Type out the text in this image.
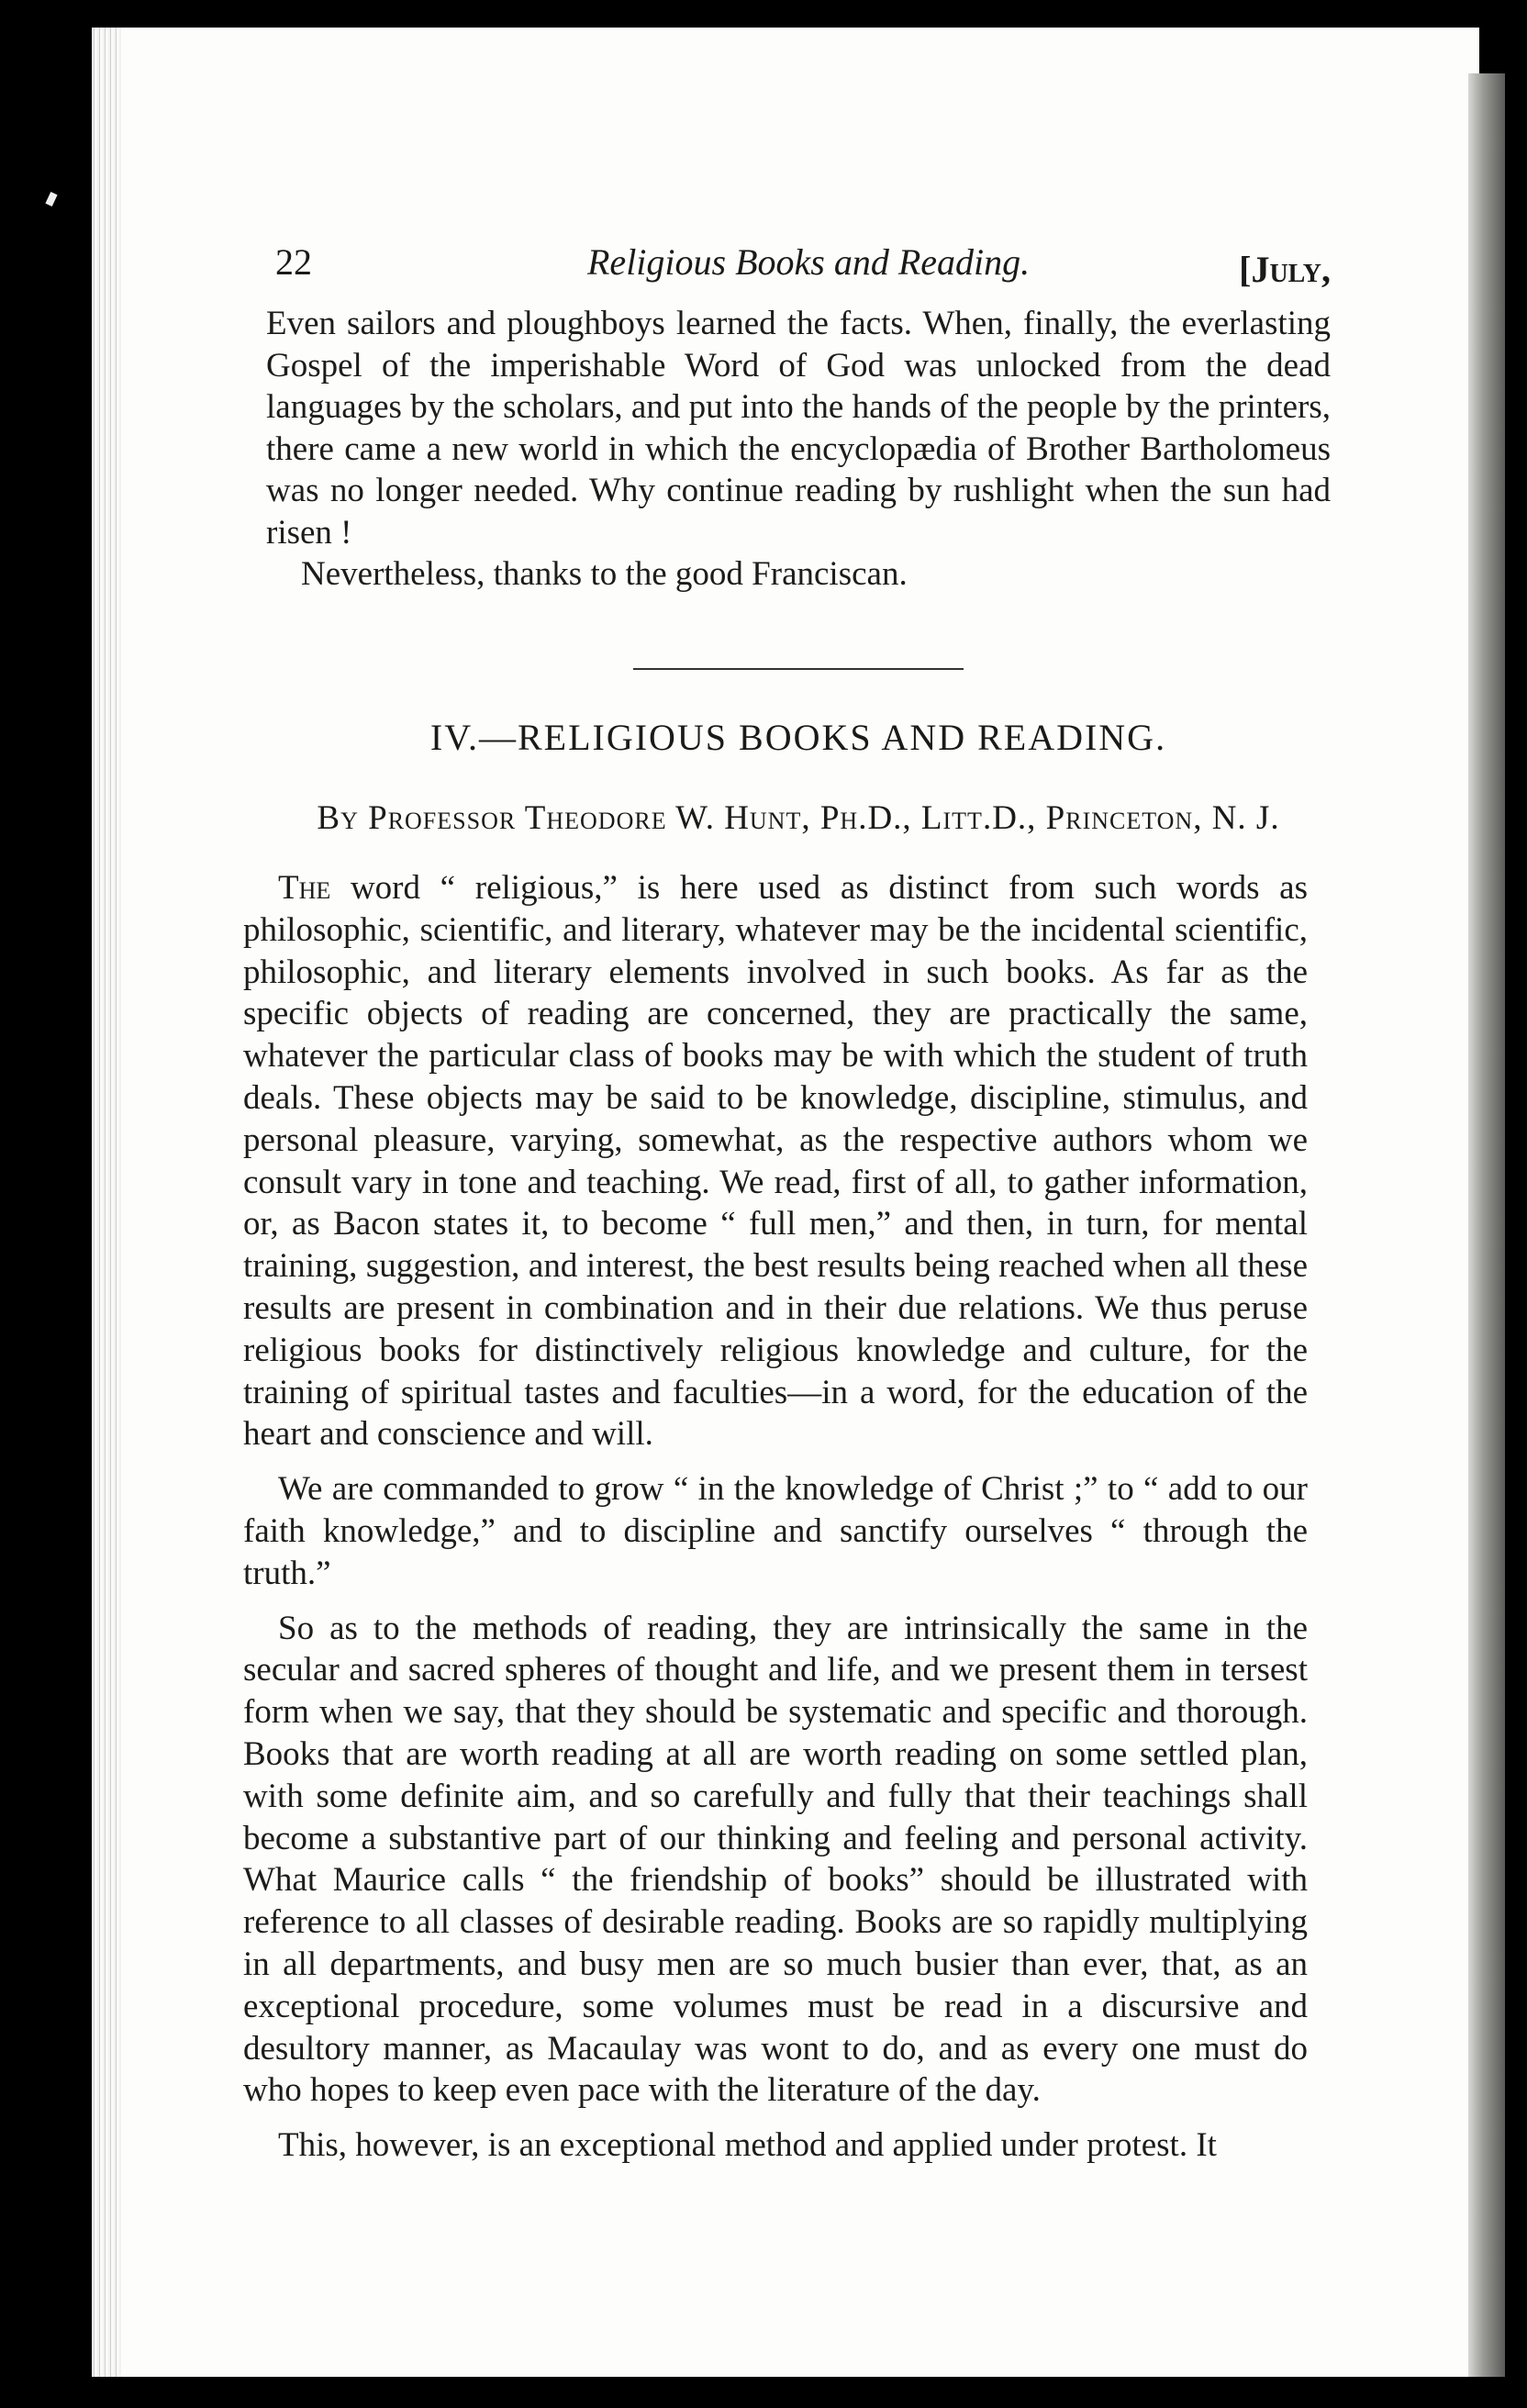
22	Religious Books and Reading.	[July,

Even sailors and ploughboys learned the facts. When, finally, the everlasting Gospel of the imperishable Word of God was unlocked from the dead languages by the scholars, and put into the hands of the people by the printers, there came a new world in which the encyclopædia of Brother Bartholomeus was no longer needed. Why continue reading by rushlight when the sun had risen !

Nevertheless, thanks to the good Franciscan.

IV.—RELIGIOUS BOOKS AND READING.
By Professor Theodore W. Hunt, Ph.D., Litt.D., Princeton, N. J.

The word “ religious,” is here used as distinct from such words as philosophic, scientific, and literary, whatever may be the incidental scientific, philosophic, and literary elements involved in such books. As far as the specific objects of reading are concerned, they are practically the same, whatever the particular class of books may be with which the student of truth deals. These objects may be said to be knowledge, discipline, stimulus, and personal pleasure, varying, somewhat, as the respective authors whom we consult vary in tone and teaching. We read, first of all, to gather information, or, as Bacon states it, to become “ full men,” and then, in turn, for mental training, suggestion, and interest, the best results being reached when all these results are present in combination and in their due relations. We thus peruse religious books for distinctively religious knowledge and culture, for the training of spiritual tastes and faculties—in a word, for the education of the heart and conscience and will.

We are commanded to grow “ in the knowledge of Christ ;” to “ add to our faith knowledge,” and to discipline and sanctify ourselves “ through the truth.”

So as to the methods of reading, they are intrinsically the same in the secular and sacred spheres of thought and life, and we present them in tersest form when we say, that they should be systematic and specific and thorough. Books that are worth reading at all are worth reading on some settled plan, with some definite aim, and so carefully and fully that their teachings shall become a substantive part of our thinking and feeling and personal activity. What Maurice calls “ the friendship of books” should be illustrated with reference to all classes of desirable reading. Books are so rapidly multiplying in all departments, and busy men are so much busier than ever, that, as an exceptional procedure, some volumes must be read in a discursive and desultory manner, as Macaulay was wont to do, and as every one must do who hopes to keep even pace with the literature of the day.

This, however, is an exceptional method and applied under protest. It
